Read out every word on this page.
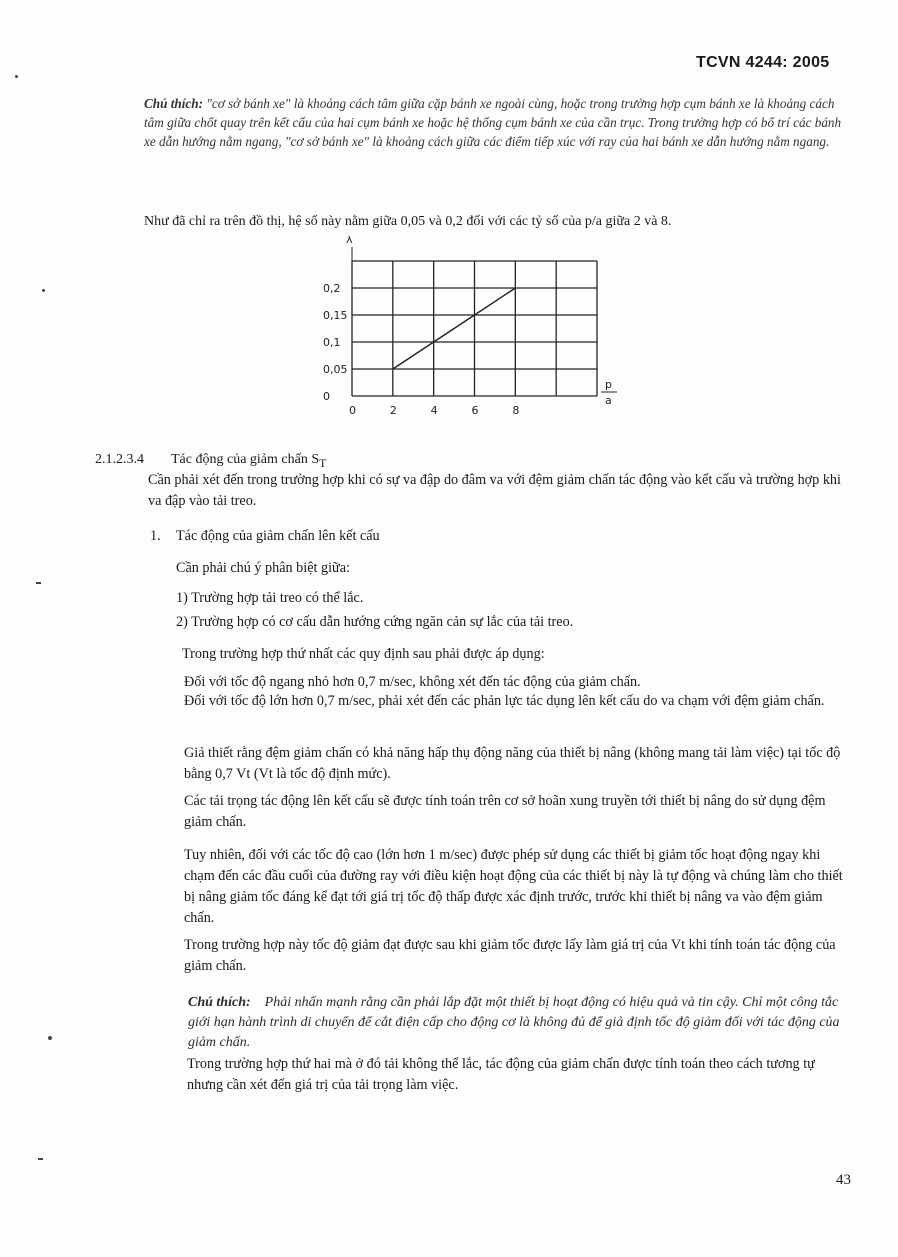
TCVN 4244: 2005
Chú thích: "cơ sở bánh xe" là khoảng cách tâm giữa cặp bánh xe ngoài cùng, hoặc trong trường hợp cụm bánh xe là khoảng cách tâm giữa chốt quay trên kết cấu của hai cụm bánh xe hoặc hệ thống cụm bánh xe của cần trục. Trong trường hợp có bố trí các bánh xe dẫn hướng nằm ngang, "cơ sở bánh xe" là khoảng cách giữa các điểm tiếp xúc với ray của hai bánh xe dẫn hướng nằm ngang.
Như đã chỉ ra trên đồ thị, hệ số này nằm giữa 0,05 và 0,2 đối với các tỷ số của p/a giữa 2 và 8.
0,2
0,15
0,1
0,05
0
0	2	4	6	8
λ
p
a
2.1.2.3.4 Tác động của giảm chấn $S_T$
Cần phải xét đến trong trường hợp khi có sự va đập do đâm va với đệm giảm chấn tác động vào kết cấu và trường hợp khi va đập vào tải treo.
1. Tác động của giảm chấn lên kết cấu
Cần phải chú ý phân biệt giữa:
1) Trường hợp tải treo có thể lắc.
2) Trường hợp có cơ cấu dẫn hướng cứng ngăn cản sự lắc của tải treo.
Trong trường hợp thứ nhất các quy định sau phải được áp dụng:
Đối với tốc độ ngang nhỏ hơn 0,7 m/sec, không xét đến tác động của giảm chấn.
Đối với tốc độ lớn hơn 0,7 m/sec, phải xét đến các phản lực tác dụng lên kết cấu do va chạm với đệm giảm chấn.
Giả thiết rằng đệm giảm chấn có khả năng hấp thụ động năng của thiết bị nâng (không mang tải làm việc) tại tốc độ bằng 0,7 Vt (Vt là tốc độ định mức).
Các tải trọng tác động lên kết cấu sẽ được tính toán trên cơ sở hoãn xung truyền tới thiết bị nâng do sử dụng đệm giảm chấn.
Tuy nhiên, đối với các tốc độ cao (lớn hơn 1 m/sec) được phép sử dụng các thiết bị giảm tốc hoạt động ngay khi chạm đến các đầu cuối của đường ray với điều kiện hoạt động của các thiết bị này là tự động và chúng làm cho thiết bị nâng giảm tốc đáng kể đạt tới giá trị tốc độ thấp được xác định trước, trước khi thiết bị nâng va vào đệm giảm chấn.
Trong trường hợp này tốc độ giảm đạt được sau khi giảm tốc được lấy làm giá trị của Vt khi tính toán tác động của giảm chấn.
Chú thích: Phải nhấn mạnh rằng cần phải lắp đặt một thiết bị hoạt động có hiệu quả và tin cậy. Chỉ một công tắc giới hạn hành trình di chuyển để cắt điện cấp cho động cơ là không đủ để giả định tốc độ giảm đối với tác động của giảm chấn.
Trong trường hợp thứ hai mà ở đó tải không thể lắc, tác động của giảm chấn được tính toán theo cách tương tự nhưng cần xét đến giá trị của tải trọng làm việc.
43
